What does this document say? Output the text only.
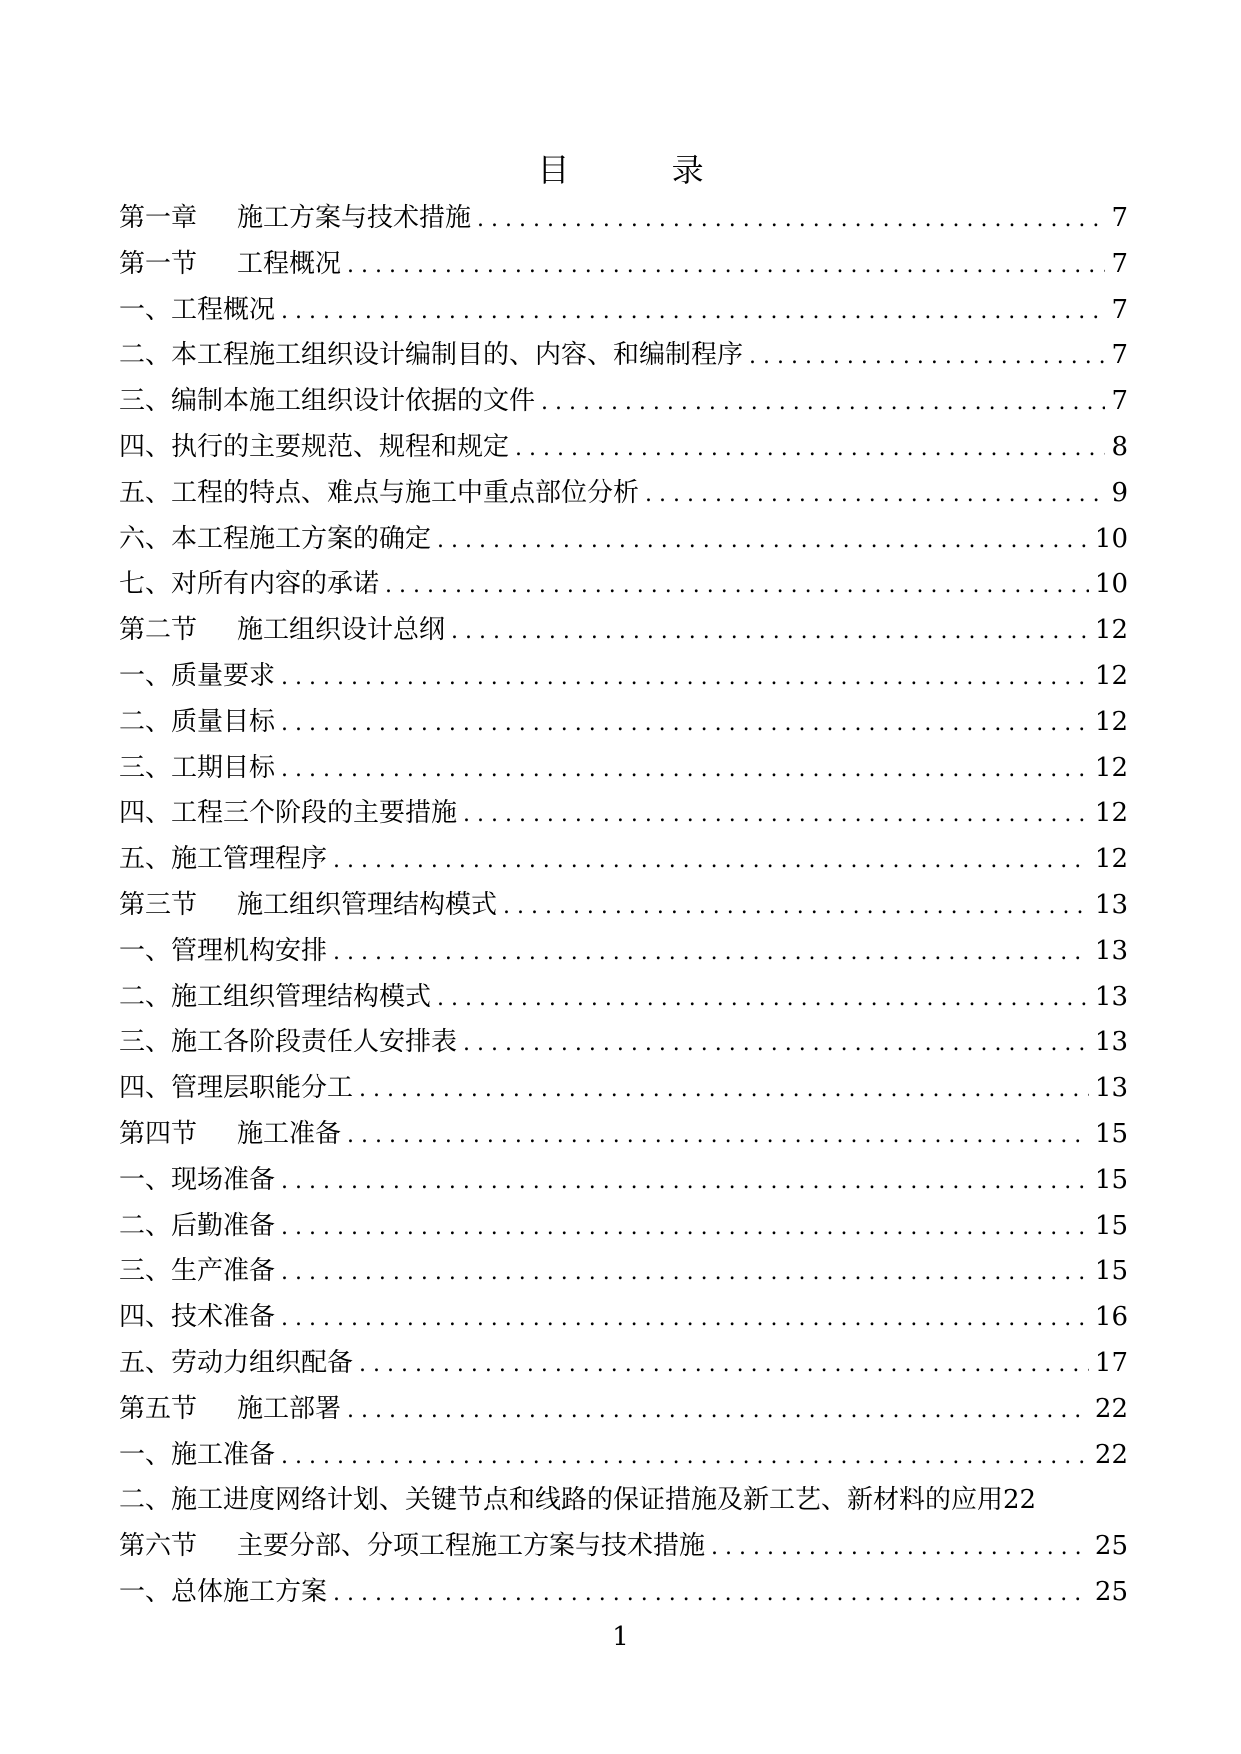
目 录
第一章 施工方案与技术措施 . . .	7
第一节 工程概况 . . .	7
一、工程概况 . . .	7
二、本工程施工组织设计编制目的、内容、和编制程序 . . .	7
三、编制本施工组织设计依据的文件 . . .	7
四、执行的主要规范、规程和规定 . . .	8
五、工程的特点、难点与施工中重点部位分析 . . .	9
六、本工程施工方案的确定 . . .	10
七、对所有内容的承诺 . . .	10
第二节 施工组织设计总纲 . . .	12
一、质量要求 . . .	12
二、质量目标 . . .	12
三、工期目标 . . .	12
四、工程三个阶段的主要措施 . . .	12
五、施工管理程序 . . .	12
第三节 施工组织管理结构模式 . . .	13
一、管理机构安排 . . .	13
二、施工组织管理结构模式 . . .	13
三、施工各阶段责任人安排表 . . .	13
四、管理层职能分工 . . .	13
第四节 施工准备 . . .	15
一、现场准备 . . .	15
二、后勤准备 . . .	15
三、生产准备 . . .	15
四、技术准备 . . .	16
五、劳动力组织配备 . . .	17
第五节 施工部署 . . .	22
一、施工准备 . . .	22
二、施工进度网络计划、关键节点和线路的保证措施及新工艺、新材料的应用 22
第六节 主要分部、分项工程施工方案与技术措施 . . .	25
一、总体施工方案 . . .	25
1
